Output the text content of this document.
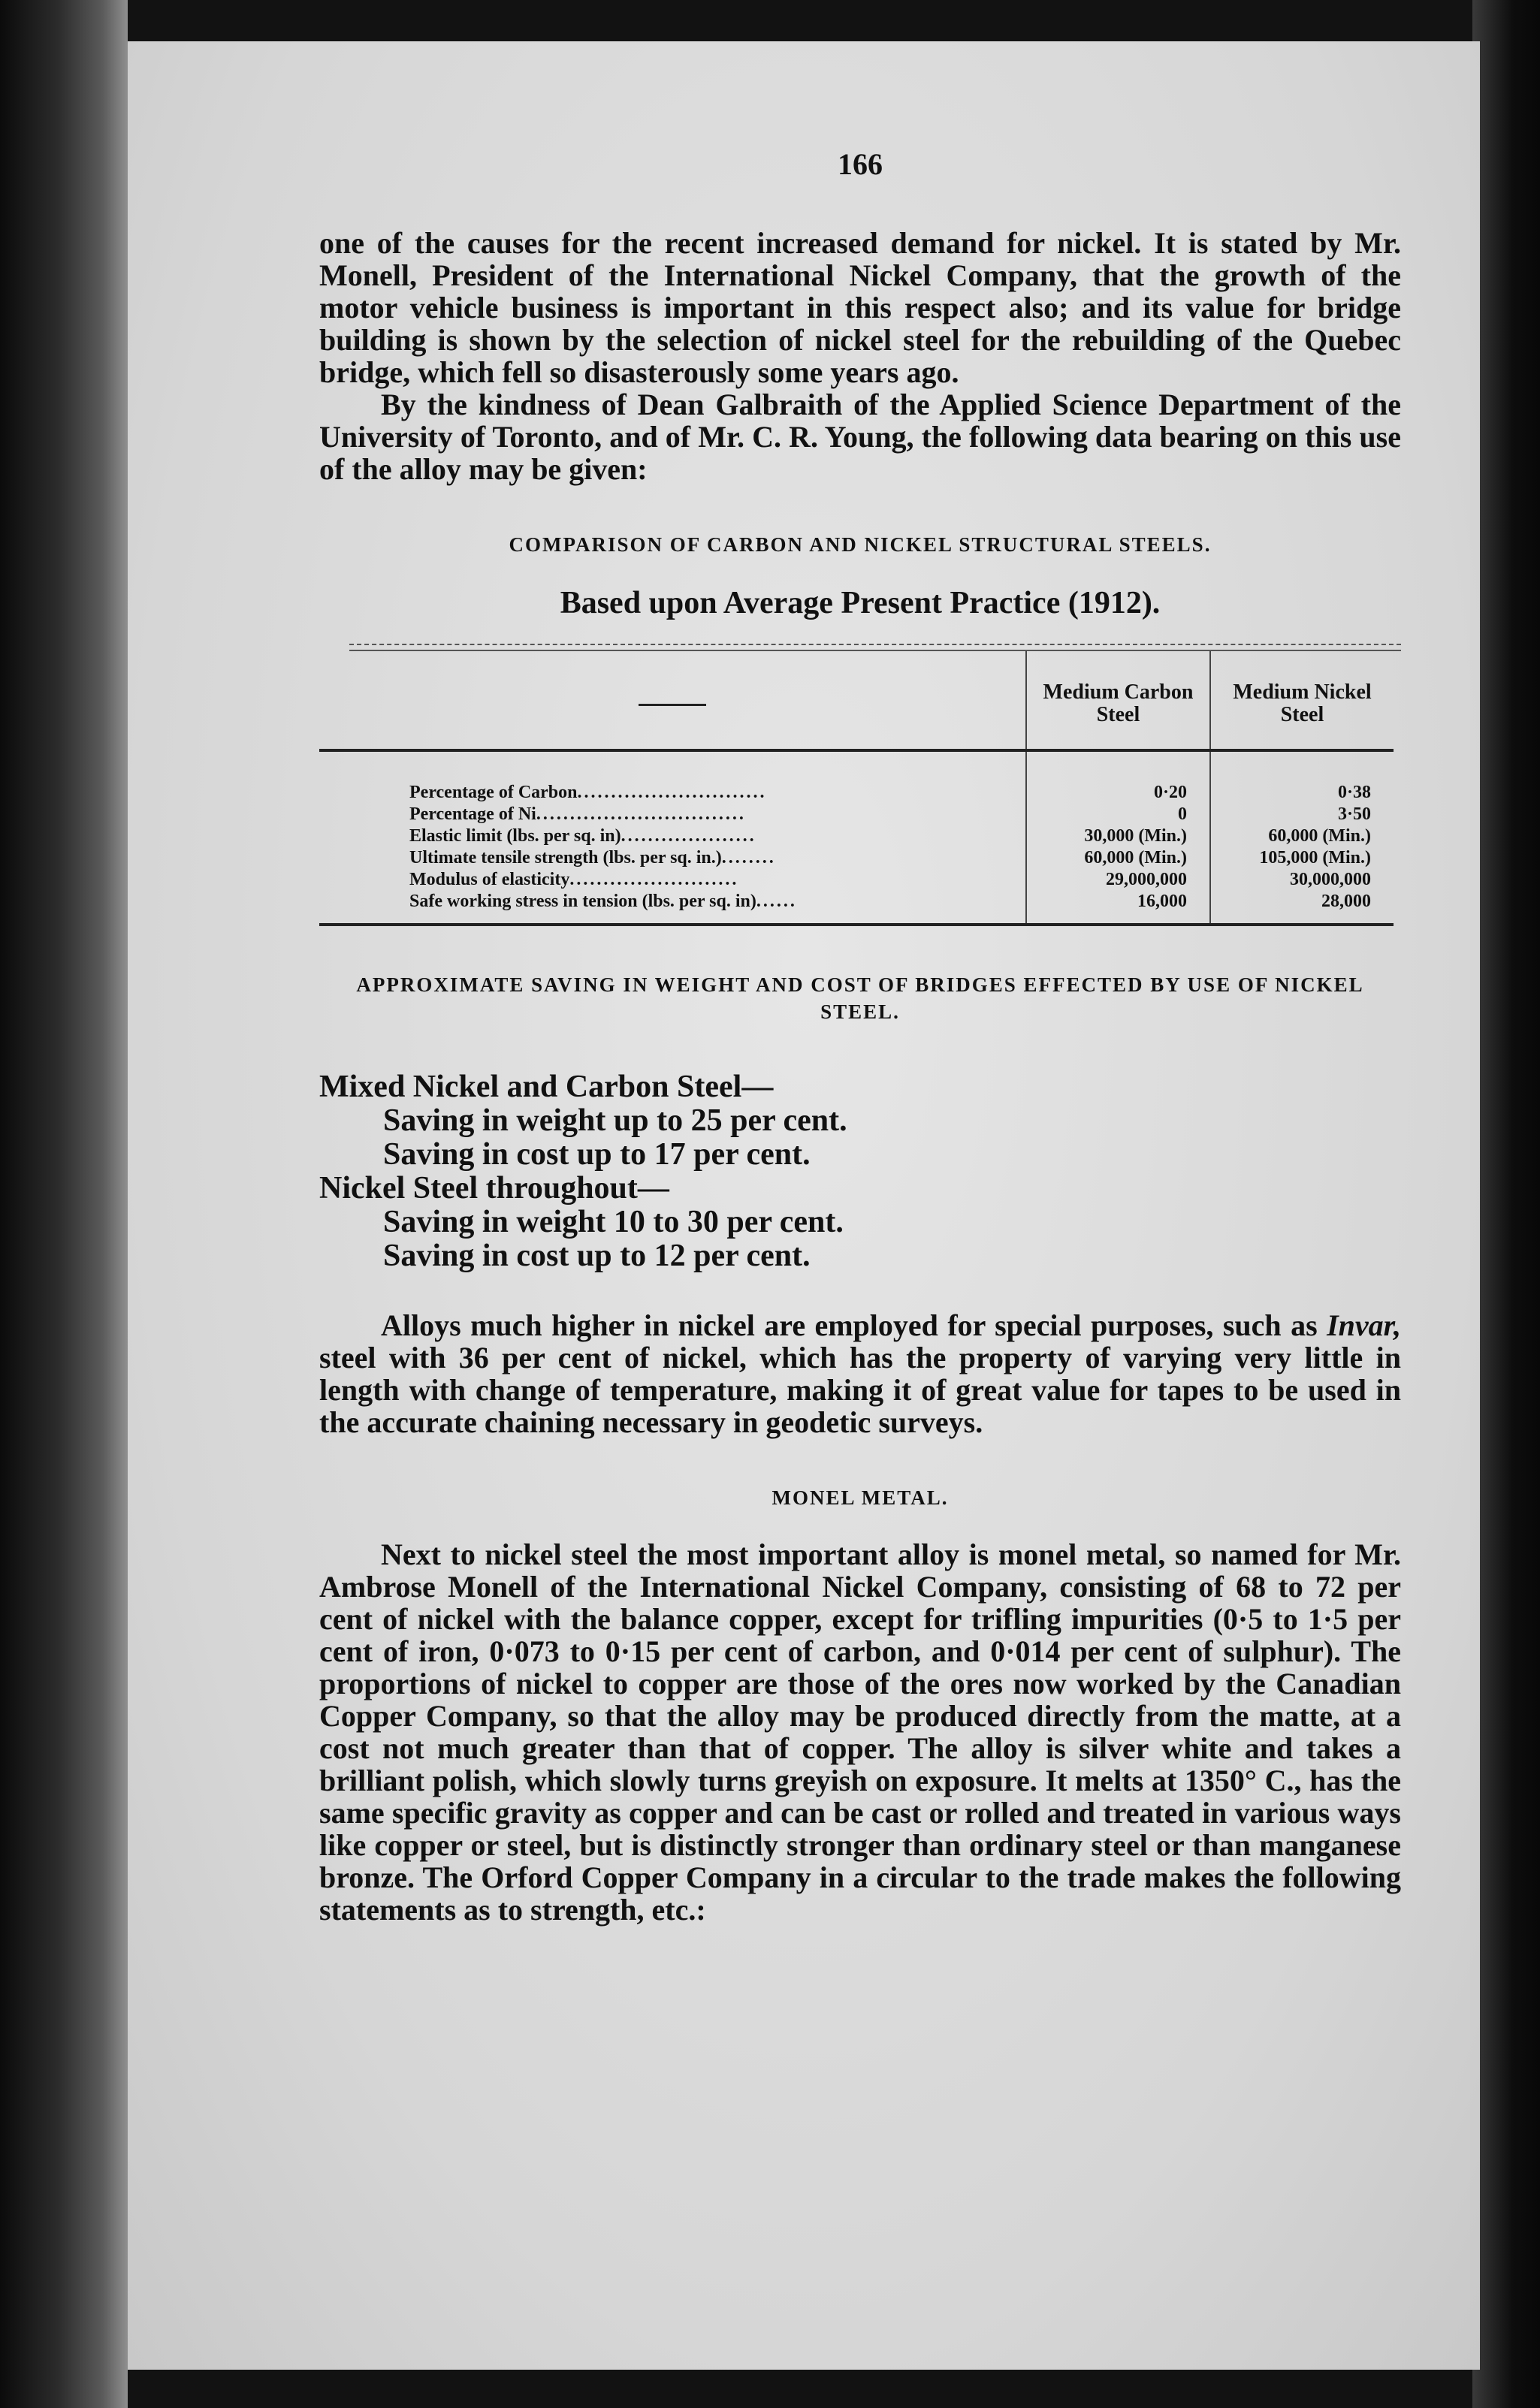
166

one of the causes for the recent increased demand for nickel. It is stated by Mr. Monell, President of the International Nickel Company, that the growth of the motor vehicle business is important in this respect also; and its value for bridge building is shown by the selection of nickel steel for the rebuilding of the Quebec bridge, which fell so disasterously some years ago.

By the kindness of Dean Galbraith of the Applied Science Department of the University of Toronto, and of Mr. C. R. Young, the following data bearing on this use of the alloy may be given:

COMPARISON OF CARBON AND NICKEL STRUCTURAL STEELS.
Based upon Average Present Practice (1912).
	Medium Carbon Steel	Medium Nickel Steel
Percentage of Carbon............................	0·20	0·38
Percentage of Ni...............................	0	3·50
Elastic limit (lbs. per sq. in)....................	30,000 (Min.)	60,000 (Min.)
Ultimate tensile strength (lbs. per sq. in.)........	60,000 (Min.)	105,000 (Min.)
Modulus of elasticity.........................	29,000,000	30,000,000
Safe working stress in tension (lbs. per sq. in)......	16,000	28,000
APPROXIMATE SAVING IN WEIGHT AND COST OF BRIDGES EFFECTED BY USE OF NICKEL STEEL.
Mixed Nickel and Carbon Steel—
Saving in weight up to 25 per cent.
Saving in cost up to 17 per cent.
Nickel Steel throughout—
Saving in weight 10 to 30 per cent.
Saving in cost up to 12 per cent.

Alloys much higher in nickel are employed for special purposes, such as Invar, steel with 36 per cent of nickel, which has the property of varying very little in length with change of temperature, making it of great value for tapes to be used in the accurate chaining necessary in geodetic surveys.

MONEL METAL.

Next to nickel steel the most important alloy is monel metal, so named for Mr. Ambrose Monell of the International Nickel Company, consisting of 68 to 72 per cent of nickel with the balance copper, except for trifling impurities (0·5 to 1·5 per cent of iron, 0·073 to 0·15 per cent of carbon, and 0·014 per cent of sulphur). The proportions of nickel to copper are those of the ores now worked by the Canadian Copper Company, so that the alloy may be produced directly from the matte, at a cost not much greater than that of copper. The alloy is silver white and takes a brilliant polish, which slowly turns greyish on exposure. It melts at 1350° C., has the same specific gravity as copper and can be cast or rolled and treated in various ways like copper or steel, but is distinctly stronger than ordinary steel or than manganese bronze. The Orford Copper Company in a circular to the trade makes the following statements as to strength, etc.:
